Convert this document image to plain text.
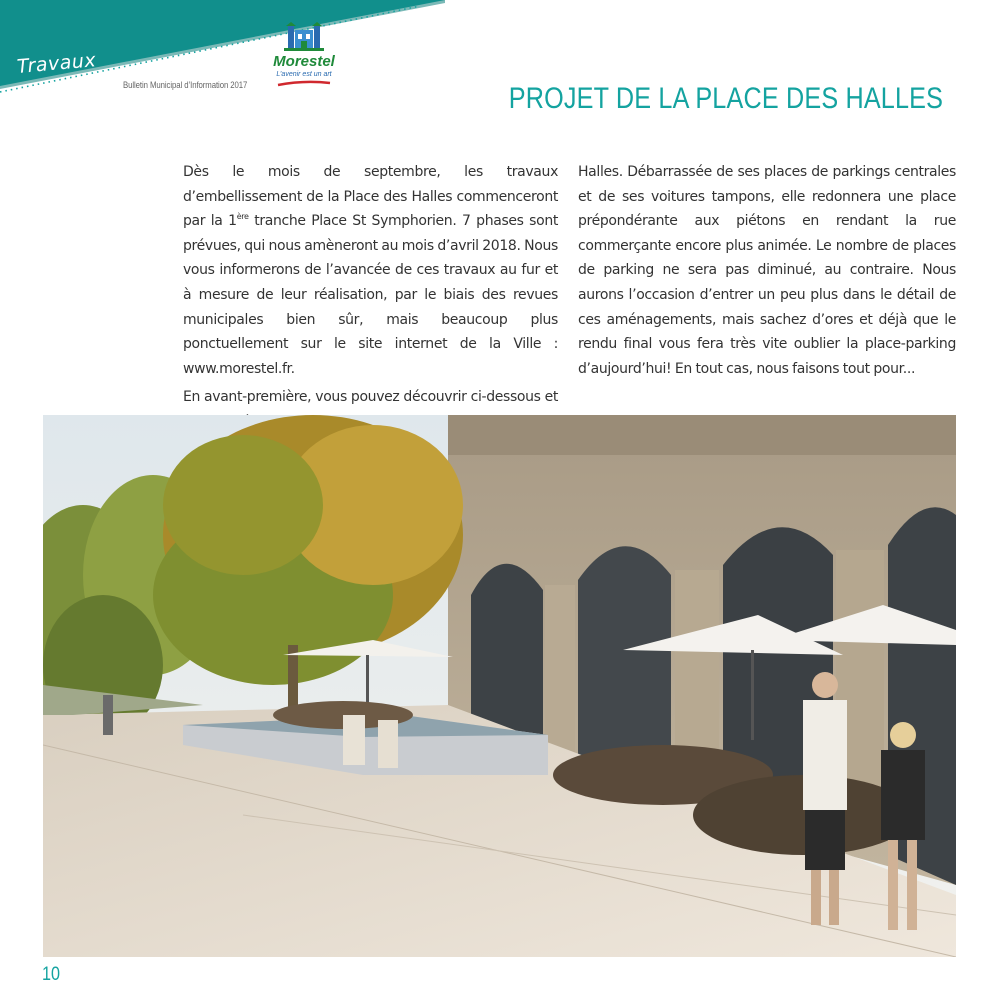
Travaux
Bulletin Municipal d’Information 2017
Morestel
L’avenir est un art
PROJET DE LA PLACE DES HALLES

Dès le mois de septembre, les travaux d’embellissement de la Place des Halles commenceront par la 1ère tranche Place St Symphorien. 7 phases sont prévues, qui nous amèneront au mois d’avril 2018. Nous vous informerons de l’avancée de ces travaux au fur et à mesure de leur réalisation, par le biais des revues municipales bien sûr, mais beaucoup plus ponctuellement sur le site internet de la Ville : www.morestel.fr.

En avant-première, vous pouvez découvrir ci-dessous et

Halles. Débarrassée de ses places de parkings centrales et de ses voitures tampons, elle redonnera une place prépondérante aux piétons en rendant la rue commerçante encore plus animée. Le nombre de places de parking ne sera pas diminué, au contraire. Nous aurons l’occasion d’entrer un peu plus dans le détail de ces aménagements, mais sachez d’ores et déjà que le rendu final vous fera très vite oublier la place-parking d’aujourd’hui! En tout cas, nous faisons tout pour...

10
